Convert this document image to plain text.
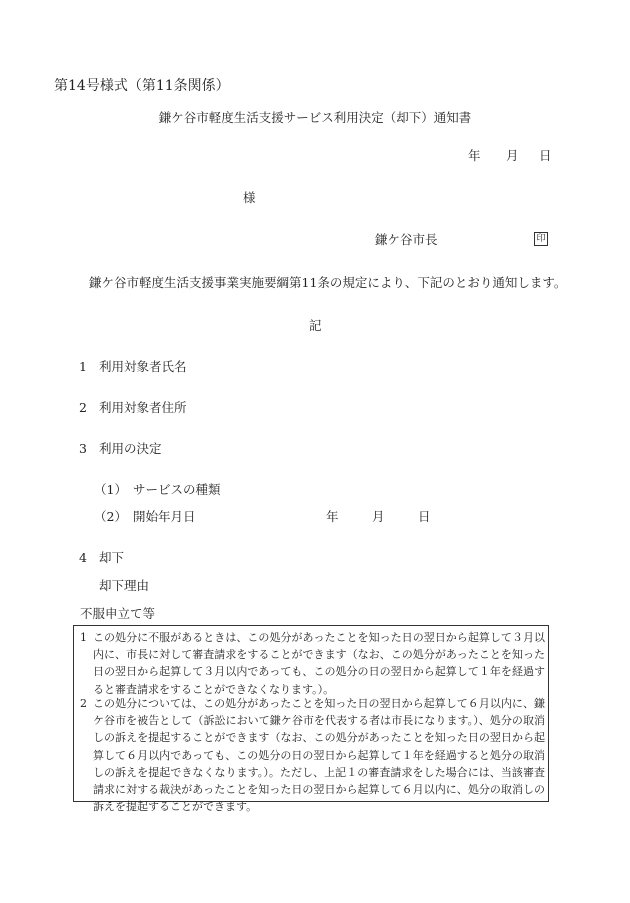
第14号様式（第11条関係）
鎌ケ谷市軽度生活支援サービス利用決定（却下）通知書
年 月 日
様
鎌ケ谷市長	印
鎌ケ谷市軽度生活支援事業実施要綱第11条の規定により、下記のとおり通知します。
記
1 利用対象者氏名
2 利用対象者住所
3 利用の決定
（1） サービスの種類
（2） 開始年月日	年	月	日
4 却下
却下理由
不服申立て等
1 この処分に不服があるときは、この処分があったことを知った日の翌日から起算して３月以内に、市長に対して審査請求をすることができます（なお、この処分があったことを知った日の翌日から起算して３月以内であっても、この処分の日の翌日から起算して１年を経過すると審査請求をすることができなくなります。）。
2 この処分については、この処分があったことを知った日の翌日から起算して６月以内に、鎌ケ谷市を被告として（訴訟において鎌ケ谷市を代表する者は市長になります。）、処分の取消しの訴えを提起することができます（なお、この処分があったことを知った日の翌日から起算して６月以内であっても、この処分の日の翌日から起算して１年を経過すると処分の取消しの訴えを提起できなくなります。）。ただし、上記１の審査請求をした場合には、当該審査請求に対する裁決があったことを知った日の翌日から起算して６月以内に、処分の取消しの訴えを提起することができます。
